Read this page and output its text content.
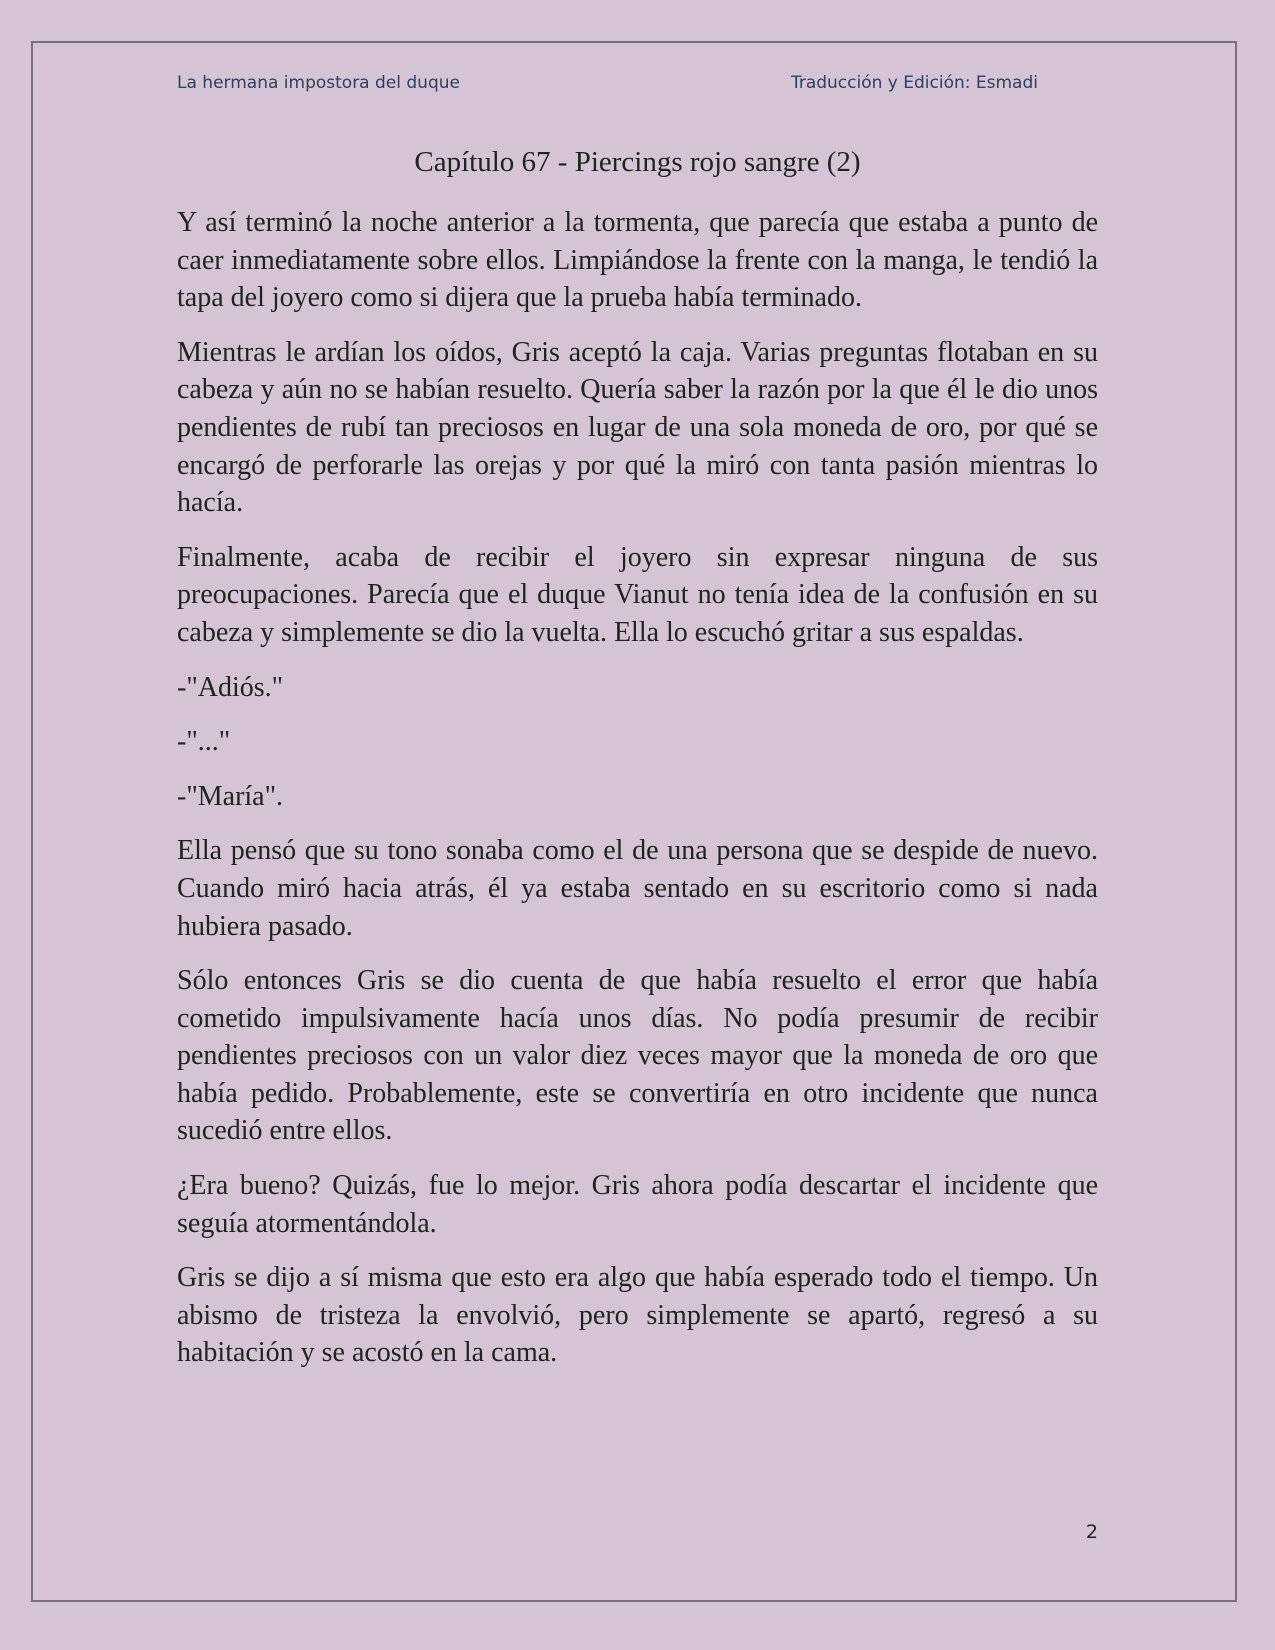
La hermana impostora del duque	Traducción y Edición: Esmadi
Capítulo 67 - Piercings rojo sangre (2)

Y así terminó la noche anterior a la tormenta, que parecía que estaba a punto de caer inmediatamente sobre ellos. Limpiándose la frente con la manga, le tendió la tapa del joyero como si dijera que la prueba había terminado.

Mientras le ardían los oídos, Gris aceptó la caja. Varias preguntas flotaban en su cabeza y aún no se habían resuelto. Quería saber la razón por la que él le dio unos pendientes de rubí tan preciosos en lugar de una sola moneda de oro, por qué se encargó de perforarle las orejas y por qué la miró con tanta pasión mientras lo hacía.

Finalmente, acaba de recibir el joyero sin expresar ninguna de sus preocupaciones. Parecía que el duque Vianut no tenía idea de la confusión en su cabeza y simplemente se dio la vuelta. Ella lo escuchó gritar a sus espaldas.

-"Adiós."

-"..."

-"María".

Ella pensó que su tono sonaba como el de una persona que se despide de nuevo. Cuando miró hacia atrás, él ya estaba sentado en su escritorio como si nada hubiera pasado.

Sólo entonces Gris se dio cuenta de que había resuelto el error que había cometido impulsivamente hacía unos días. No podía presumir de recibir pendientes preciosos con un valor diez veces mayor que la moneda de oro que había pedido. Probablemente, este se convertiría en otro incidente que nunca sucedió entre ellos.

¿Era bueno? Quizás, fue lo mejor. Gris ahora podía descartar el incidente que seguía atormentándola.

Gris se dijo a sí misma que esto era algo que había esperado todo el tiempo. Un abismo de tristeza la envolvió, pero simplemente se apartó, regresó a su habitación y se acostó en la cama.

2
